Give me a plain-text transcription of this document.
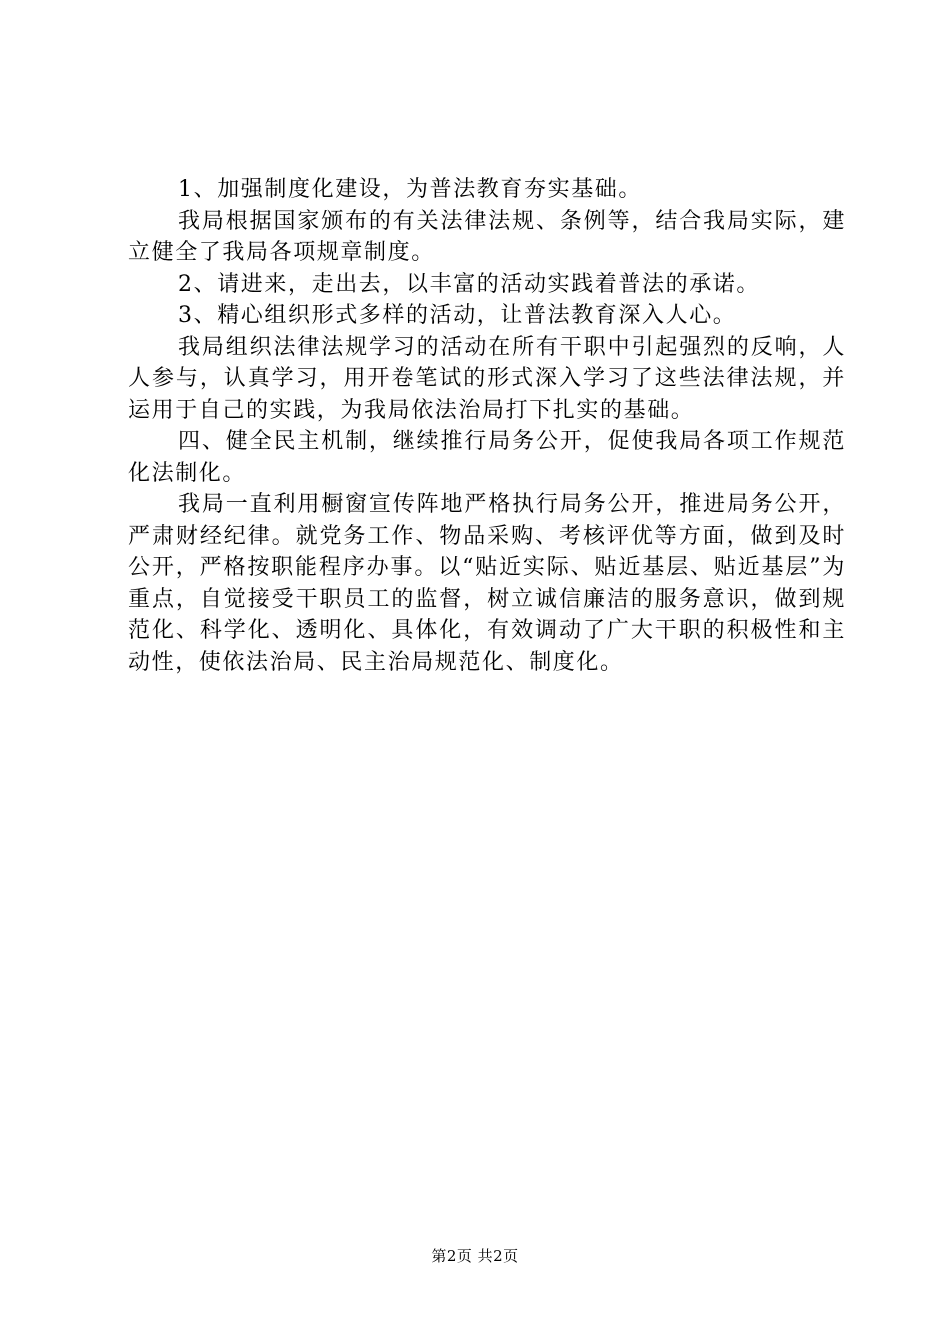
1、加强制度化建设，为普法教育夯实基础。

我局根据国家颁布的有关法律法规、条例等，结合我局实际，建立健全了我局各项规章制度。

2、请进来，走出去，以丰富的活动实践着普法的承诺。

3、精心组织形式多样的活动，让普法教育深入人心。

我局组织法律法规学习的活动在所有干职中引起强烈的反响，人人参与，认真学习，用开卷笔试的形式深入学习了这些法律法规，并运用于自己的实践，为我局依法治局打下扎实的基础。

四、健全民主机制，继续推行局务公开，促使我局各项工作规范化法制化。

我局一直利用橱窗宣传阵地严格执行局务公开，推进局务公开，严肃财经纪律。就党务工作、物品采购、考核评优等方面，做到及时公开，严格按职能程序办事。以“贴近实际、贴近基层、贴近基层”为重点，自觉接受干职员工的监督，树立诚信廉洁的服务意识，做到规范化、科学化、透明化、具体化，有效调动了广大干职的积极性和主动性，使依法治局、民主治局规范化、制度化。

第2页 共2页
